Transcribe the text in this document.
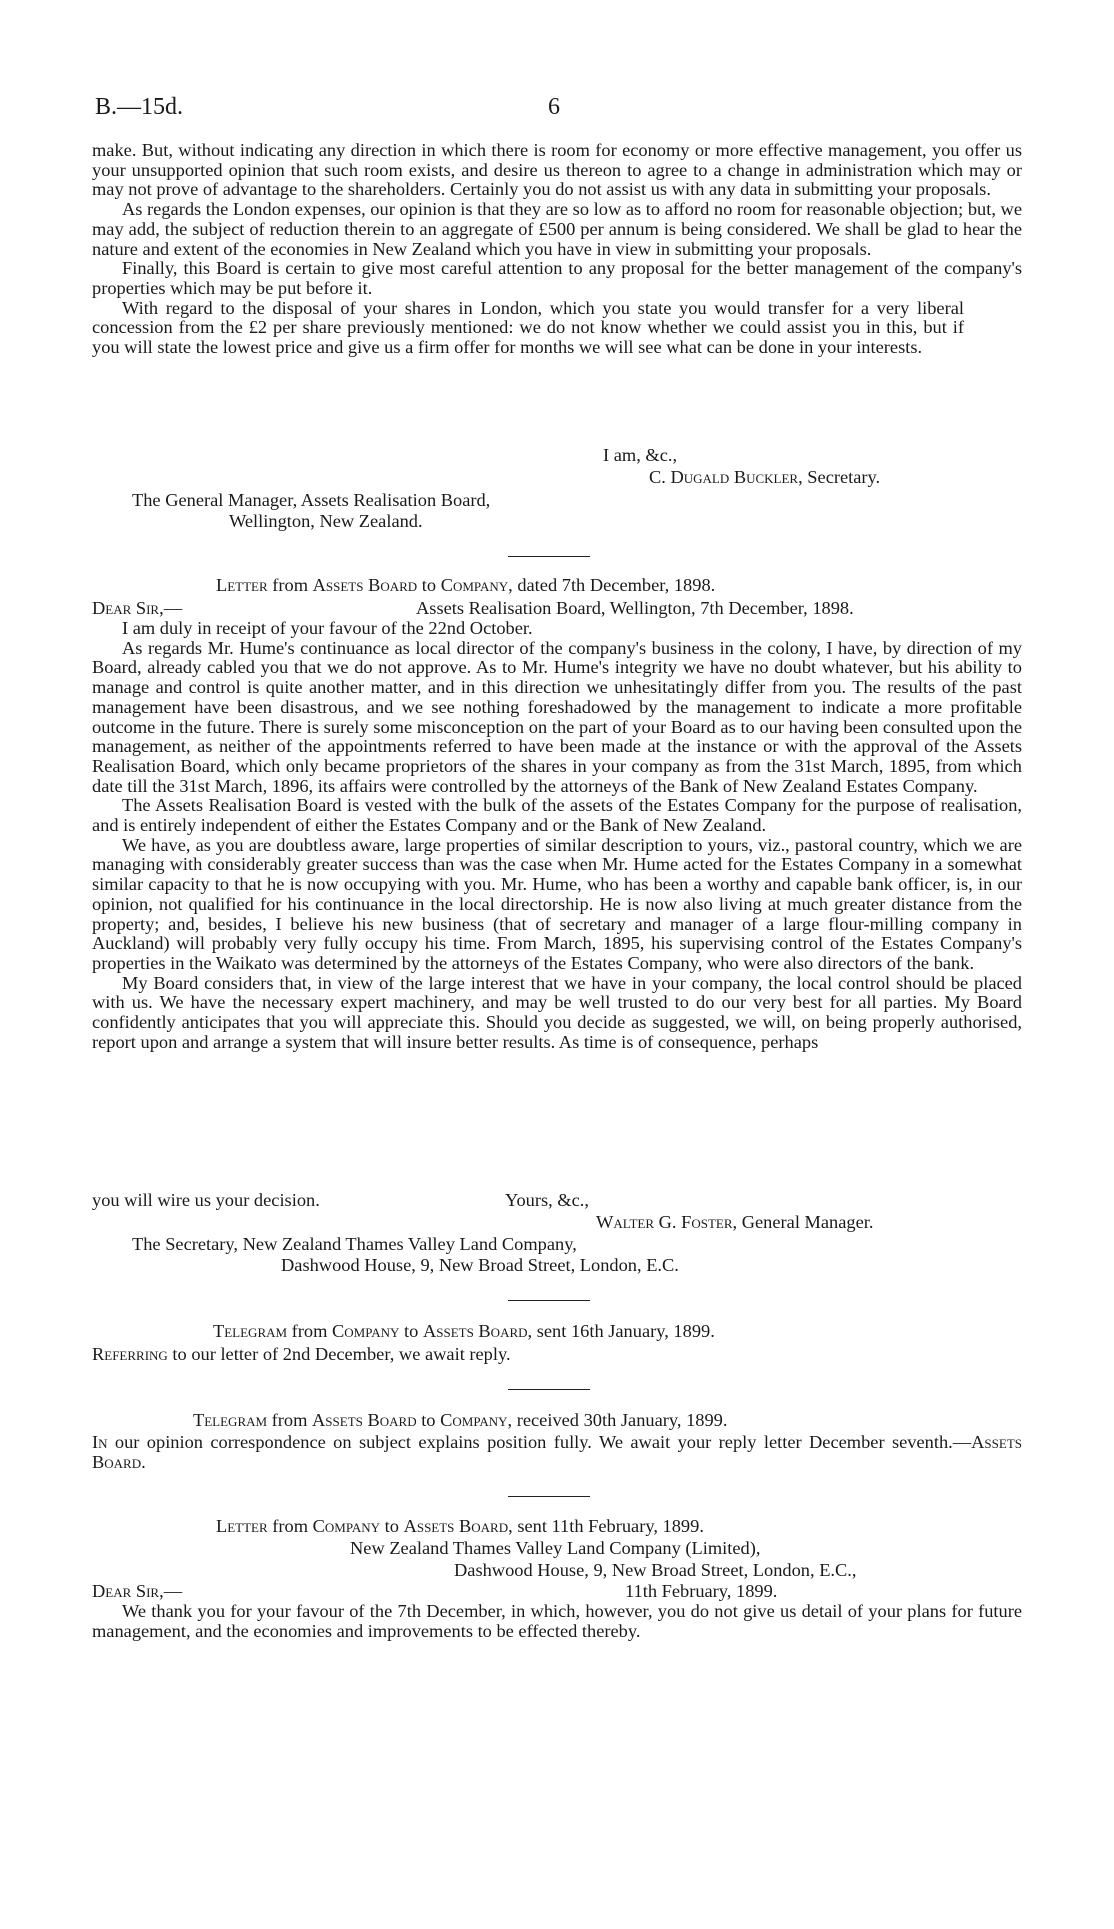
B.—15d.	6

make. But, without indicating any direction in which there is room for economy or more effective management, you offer us your unsupported opinion that such room exists, and desire us thereon to agree to a change in administration which may or may not prove of advantage to the shareholders. Certainly you do not assist us with any data in submitting your proposals.

As regards the London expenses, our opinion is that they are so low as to afford no room for reasonable objection; but, we may add, the subject of reduction therein to an aggregate of £500 per annum is being considered. We shall be glad to hear the nature and extent of the economies in New Zealand which you have in view in submitting your proposals.

Finally, this Board is certain to give most careful attention to any proposal for the better management of the company's properties which may be put before it.

With regard to the disposal of your shares in London, which you state you would transfer for a very liberal concession from the £2 per share previously mentioned: we do not know whether we could assist you in this, but if you will state the lowest price and give us a firm offer for months we will see what can be done in your interests.

I am, &c.,
C. Dugald Buckler, Secretary.
The General Manager, Assets Realisation Board,
Wellington, New Zealand.
Letter from Assets Board to Company, dated 7th December, 1898.
Dear Sir,—	Assets Realisation Board, Wellington, 7th December, 1898.

I am duly in receipt of your favour of the 22nd October.

As regards Mr. Hume's continuance as local director of the company's business in the colony, I have, by direction of my Board, already cabled you that we do not approve. As to Mr. Hume's integrity we have no doubt whatever, but his ability to manage and control is quite another matter, and in this direction we unhesitatingly differ from you. The results of the past management have been disastrous, and we see nothing foreshadowed by the management to indicate a more profitable outcome in the future. There is surely some misconception on the part of your Board as to our having been consulted upon the management, as neither of the appointments referred to have been made at the instance or with the approval of the Assets Realisation Board, which only became proprietors of the shares in your company as from the 31st March, 1895, from which date till the 31st March, 1896, its affairs were controlled by the attorneys of the Bank of New Zealand Estates Company.

The Assets Realisation Board is vested with the bulk of the assets of the Estates Company for the purpose of realisation, and is entirely independent of either the Estates Company and or the Bank of New Zealand.

We have, as you are doubtless aware, large properties of similar description to yours, viz., pastoral country, which we are managing with considerably greater success than was the case when Mr. Hume acted for the Estates Company in a somewhat similar capacity to that he is now occupying with you. Mr. Hume, who has been a worthy and capable bank officer, is, in our opinion, not qualified for his continuance in the local directorship. He is now also living at much greater distance from the property; and, besides, I believe his new business (that of secretary and manager of a large flour-milling company in Auckland) will probably very fully occupy his time. From March, 1895, his supervising control of the Estates Company's properties in the Waikato was determined by the attorneys of the Estates Company, who were also directors of the bank.

My Board considers that, in view of the large interest that we have in your company, the local control should be placed with us. We have the necessary expert machinery, and may be well trusted to do our very best for all parties. My Board confidently anticipates that you will appreciate this. Should you decide as suggested, we will, on being properly authorised, report upon and arrange a system that will insure better results. As time is of consequence, perhaps

you will wire us your decision.	Yours, &c.,
Walter G. Foster, General Manager.
The Secretary, New Zealand Thames Valley Land Company,
Dashwood House, 9, New Broad Street, London, E.C.
Telegram from Company to Assets Board, sent 16th January, 1899.
Referring to our letter of 2nd December, we await reply.
Telegram from Assets Board to Company, received 30th January, 1899.

In our opinion correspondence on subject explains position fully. We await your reply letter December seventh.—Assets Board.

Letter from Company to Assets Board, sent 11th February, 1899.
New Zealand Thames Valley Land Company (Limited),
Dashwood House, 9, New Broad Street, London, E.C.,
Dear Sir,—	11th February, 1899.

We thank you for your favour of the 7th December, in which, however, you do not give us detail of your plans for future management, and the economies and improvements to be effected thereby.
